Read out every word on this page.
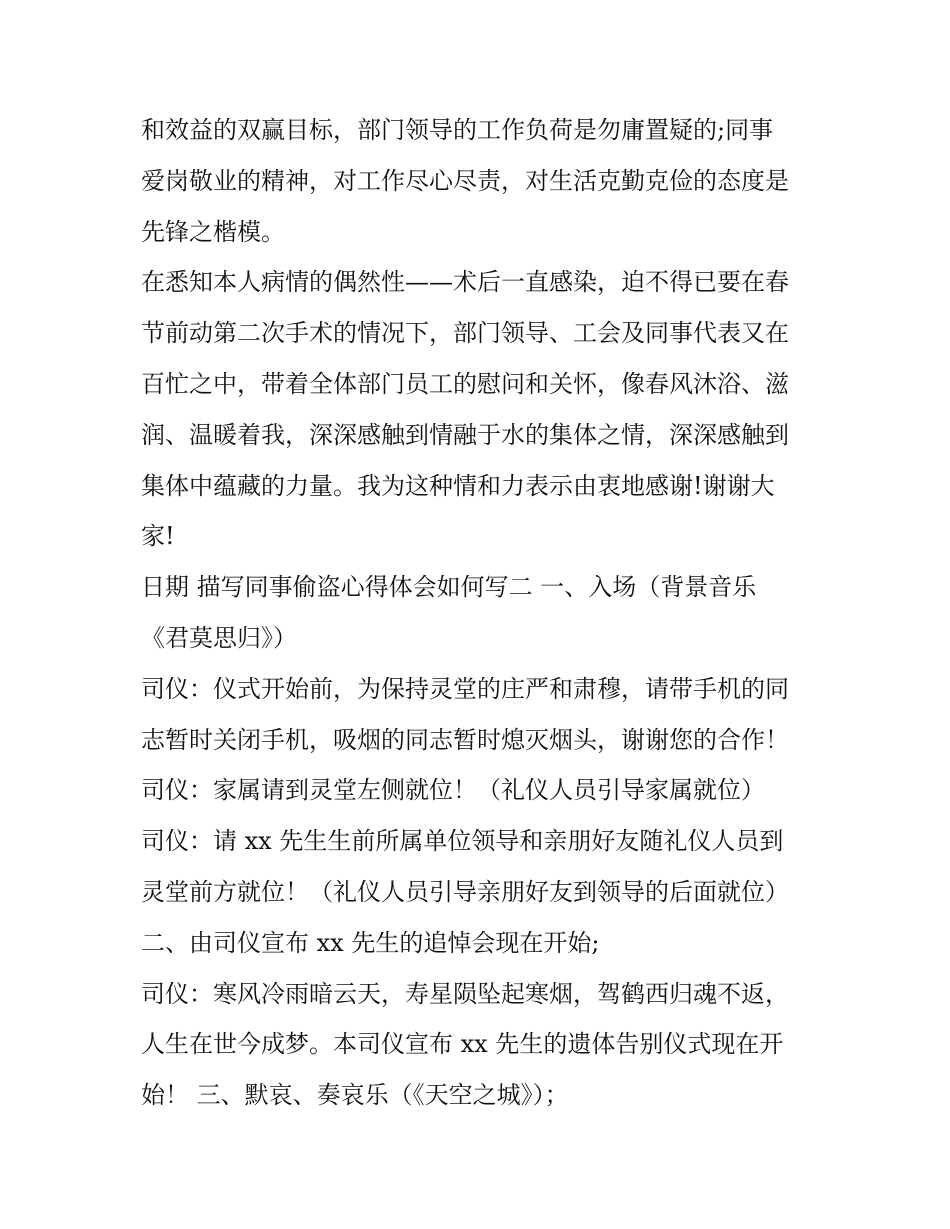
和效益的双赢目标，部门领导的工作负荷是勿庸置疑的;同事
爱岗敬业的精神，对工作尽心尽责，对生活克勤克俭的态度是
先锋之楷模。
在悉知本人病情的偶然性——术后一直感染，迫不得已要在春
节前动第二次手术的情况下，部门领导、工会及同事代表又在
百忙之中，带着全体部门员工的慰问和关怀，像春风沐浴、滋
润、温暖着我，深深感触到情融于水的集体之情，深深感触到
集体中蕴藏的力量。我为这种情和力表示由衷地感谢!谢谢大
家!
日期 描写同事偷盗心得体会如何写二 一、入场（背景音乐
《君莫思归》）
司仪：仪式开始前，为保持灵堂的庄严和肃穆，请带手机的同
志暂时关闭手机，吸烟的同志暂时熄灭烟头，谢谢您的合作！
司仪：家属请到灵堂左侧就位！（礼仪人员引导家属就位）
司仪：请 xx 先生生前所属单位领导和亲朋好友随礼仪人员到
灵堂前方就位！（礼仪人员引导亲朋好友到领导的后面就位）
二、由司仪宣布 xx 先生的追悼会现在开始;
司仪：寒风冷雨暗云天，寿星陨坠起寒烟，驾鹤西归魂不返，
人生在世今成梦。本司仪宣布 xx 先生的遗体告别仪式现在开
始！ 三、默哀、奏哀乐（《天空之城》）；
